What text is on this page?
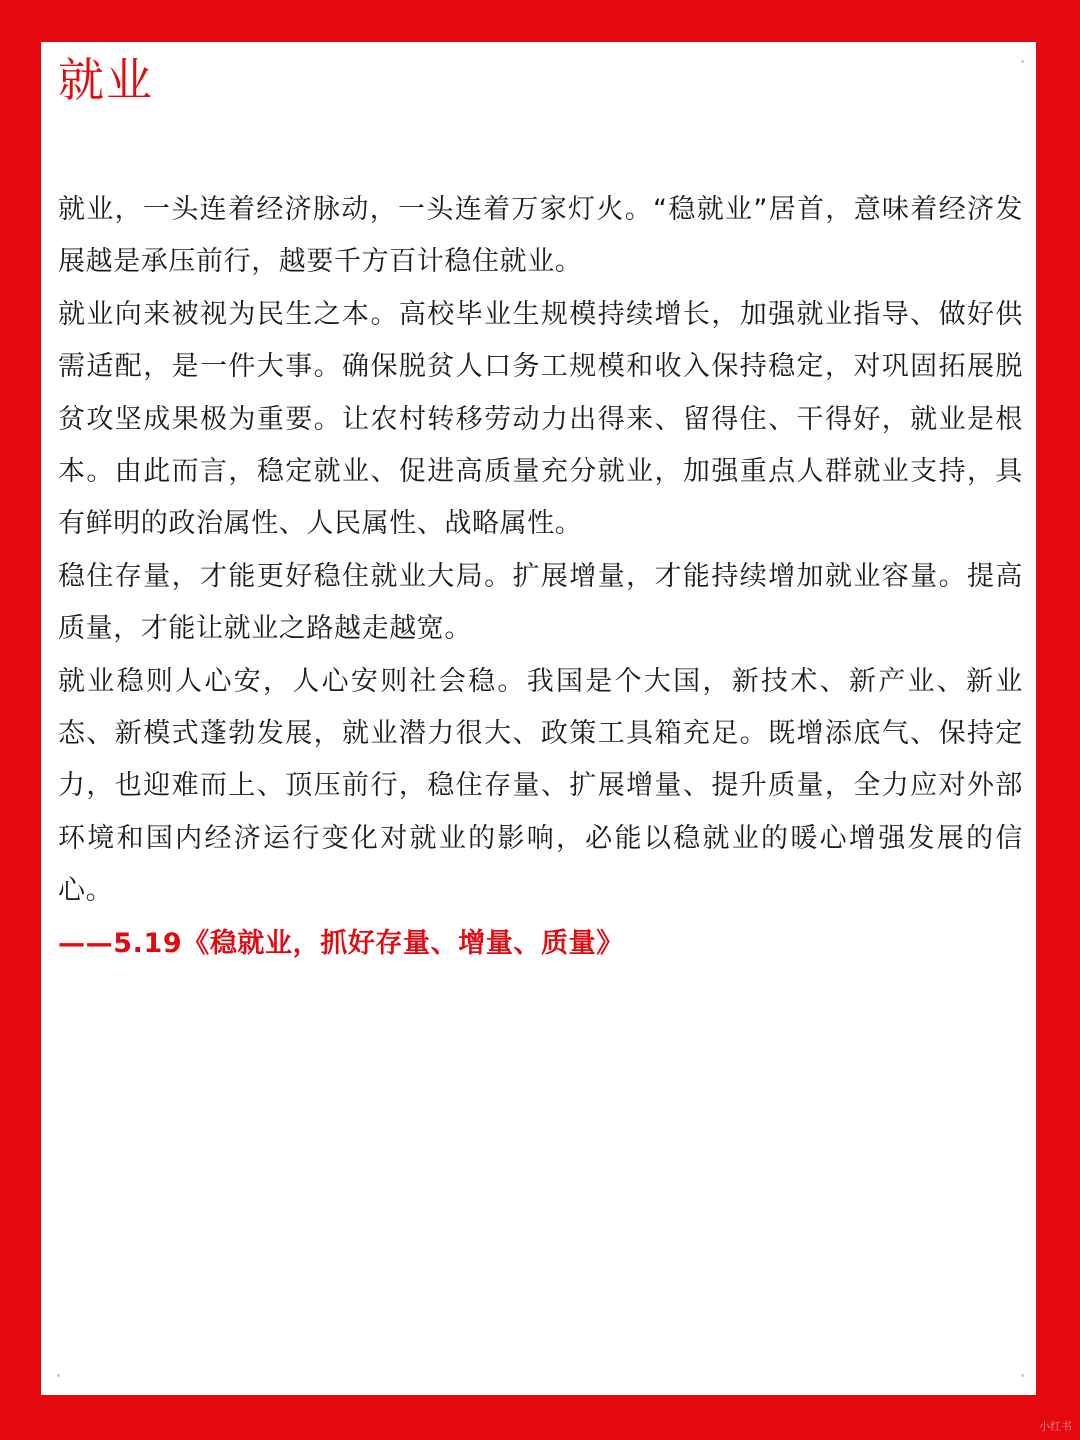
就业

就业，一头连着经济脉动，一头连着万家灯火。“稳就业”居首，意味着经济发展越是承压前行，越要千方百计稳住就业。

就业向来被视为民生之本。高校毕业生规模持续增长，加强就业指导、做好供需适配，是一件大事。确保脱贫人口务工规模和收入保持稳定，对巩固拓展脱贫攻坚成果极为重要。让农村转移劳动力出得来、留得住、干得好，就业是根本。由此而言，稳定就业、促进高质量充分就业，加强重点人群就业支持，具有鲜明的政治属性、人民属性、战略属性。

稳住存量，才能更好稳住就业大局。扩展增量，才能持续增加就业容量。提高质量，才能让就业之路越走越宽。

就业稳则人心安，人心安则社会稳。我国是个大国，新技术、新产业、新业态、新模式蓬勃发展，就业潜力很大、政策工具箱充足。既增添底气、保持定力，也迎难而上、顶压前行，稳住存量、扩展增量、提升质量，全力应对外部环境和国内经济运行变化对就业的影响，必能以稳就业的暖心增强发展的信心。

——5.19《稳就业，抓好存量、增量、质量》

小红书
